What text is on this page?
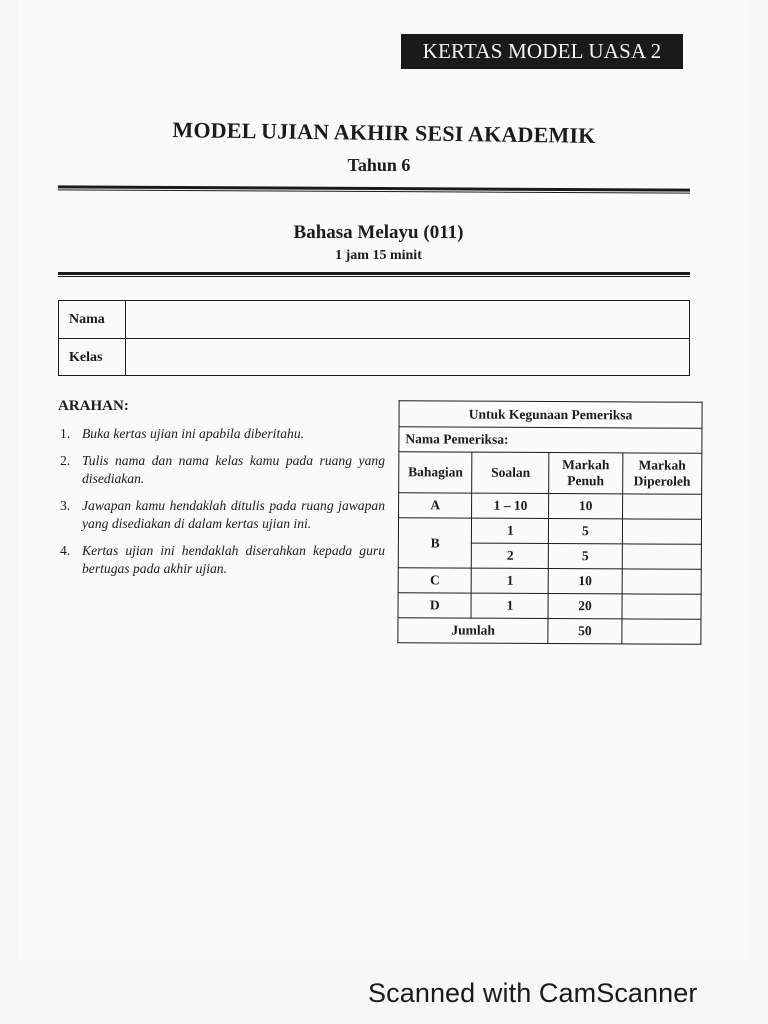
KERTAS MODEL UASA 2
MODEL UJIAN AKHIR SESI AKADEMIK
Tahun 6
Bahasa Melayu (011)
1 jam 15 minit
Nama
Kelas
ARAHAN:
1. Buka kertas ujian ini apabila diberitahu.
2. Tulis nama dan nama kelas kamu pada ruang yang disediakan.
3. Jawapan kamu hendaklah ditulis pada ruang jawapan yang disediakan di dalam kertas ujian ini.
4. Kertas ujian ini hendaklah diserahkan kepada guru bertugas pada akhir ujian.
Untuk Kegunaan Pemeriksa			
Nama Pemeriksa:			
Bahagian	Soalan	Markah Penuh	Markah Diperoleh
A	1 – 10	10	
B	1	5	
	2	5	
C	1	10	
D	1	20	
Jumlah		50	
Scanned with CamScanner
